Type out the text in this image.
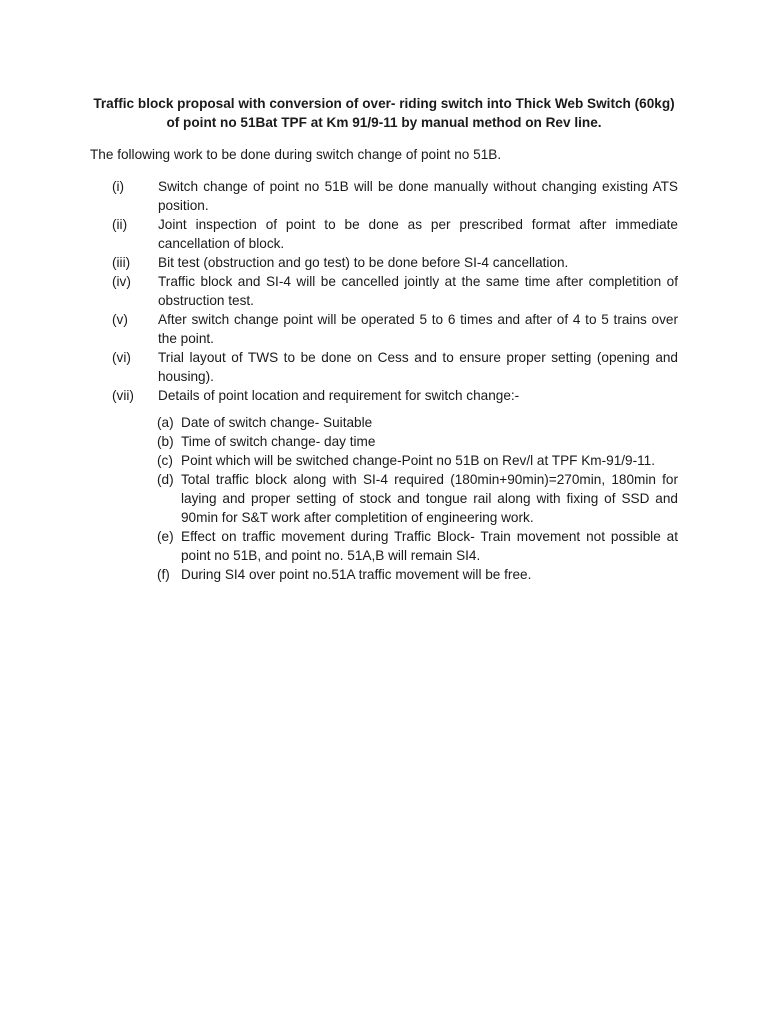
Traffic block proposal with conversion of over- riding switch into Thick Web Switch (60kg) of point no 51Bat TPF at Km 91/9-11 by manual method on Rev line.
The following work to be done during switch change of point no 51B.
(i)	Switch change of point no 51B will be done manually without changing existing ATS position.
(ii)	Joint inspection of point to be done as per prescribed format after immediate cancellation of block.
(iii)	Bit test (obstruction and go test) to be done before SI-4 cancellation.
(iv)	Traffic block and SI-4 will be cancelled jointly at the same time after completition of obstruction test.
(v)	After switch change point will be operated 5 to 6 times and after of 4 to 5 trains over the point.
(vi)	Trial layout of TWS to be done on Cess and to ensure proper setting (opening and housing).
(vii)	Details of point location and requirement for switch change:-
(a) Date of switch change- Suitable
(b) Time of switch change- day time
(c) Point which will be switched change-Point no 51B on Rev/l at TPF Km-91/9-11.
(d) Total traffic block along with SI-4 required (180min+90min)=270min, 180min for laying and proper setting of stock and tongue rail along with fixing of SSD and 90min for S&T work after completition of engineering work.
(e) Effect on traffic movement during Traffic Block- Train movement not possible at point no 51B, and point no. 51A,B will remain SI4.
(f) During SI4 over point no.51A traffic movement will be free.
